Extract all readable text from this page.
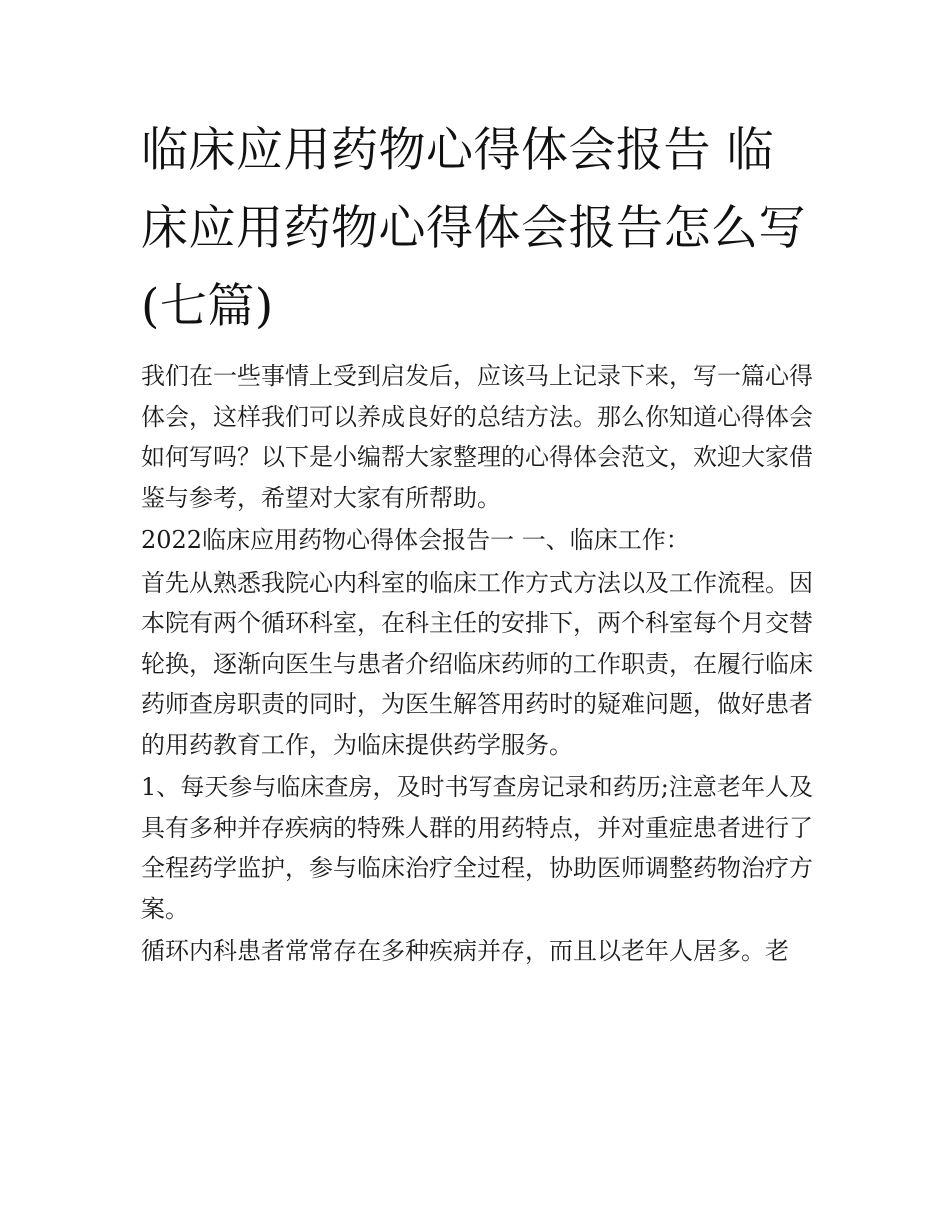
临床应用药物心得体会报告 临床应用药物心得体会报告怎么写(七篇)

我们在一些事情上受到启发后，应该马上记录下来，写一篇心得体会，这样我们可以养成良好的总结方法。那么你知道心得体会如何写吗？以下是小编帮大家整理的心得体会范文，欢迎大家借鉴与参考，希望对大家有所帮助。

2022临床应用药物心得体会报告一 一、临床工作：

首先从熟悉我院心内科室的临床工作方式方法以及工作流程。因本院有两个循环科室，在科主任的安排下，两个科室每个月交替轮换，逐渐向医生与患者介绍临床药师的工作职责，在履行临床药师查房职责的同时，为医生解答用药时的疑难问题，做好患者的用药教育工作，为临床提供药学服务。

1、每天参与临床查房，及时书写查房记录和药历;注意老年人及具有多种并存疾病的特殊人群的用药特点，并对重症患者进行了全程药学监护，参与临床治疗全过程，协助医师调整药物治疗方案。

循环内科患者常常存在多种疾病并存，而且以老年人居多。老
